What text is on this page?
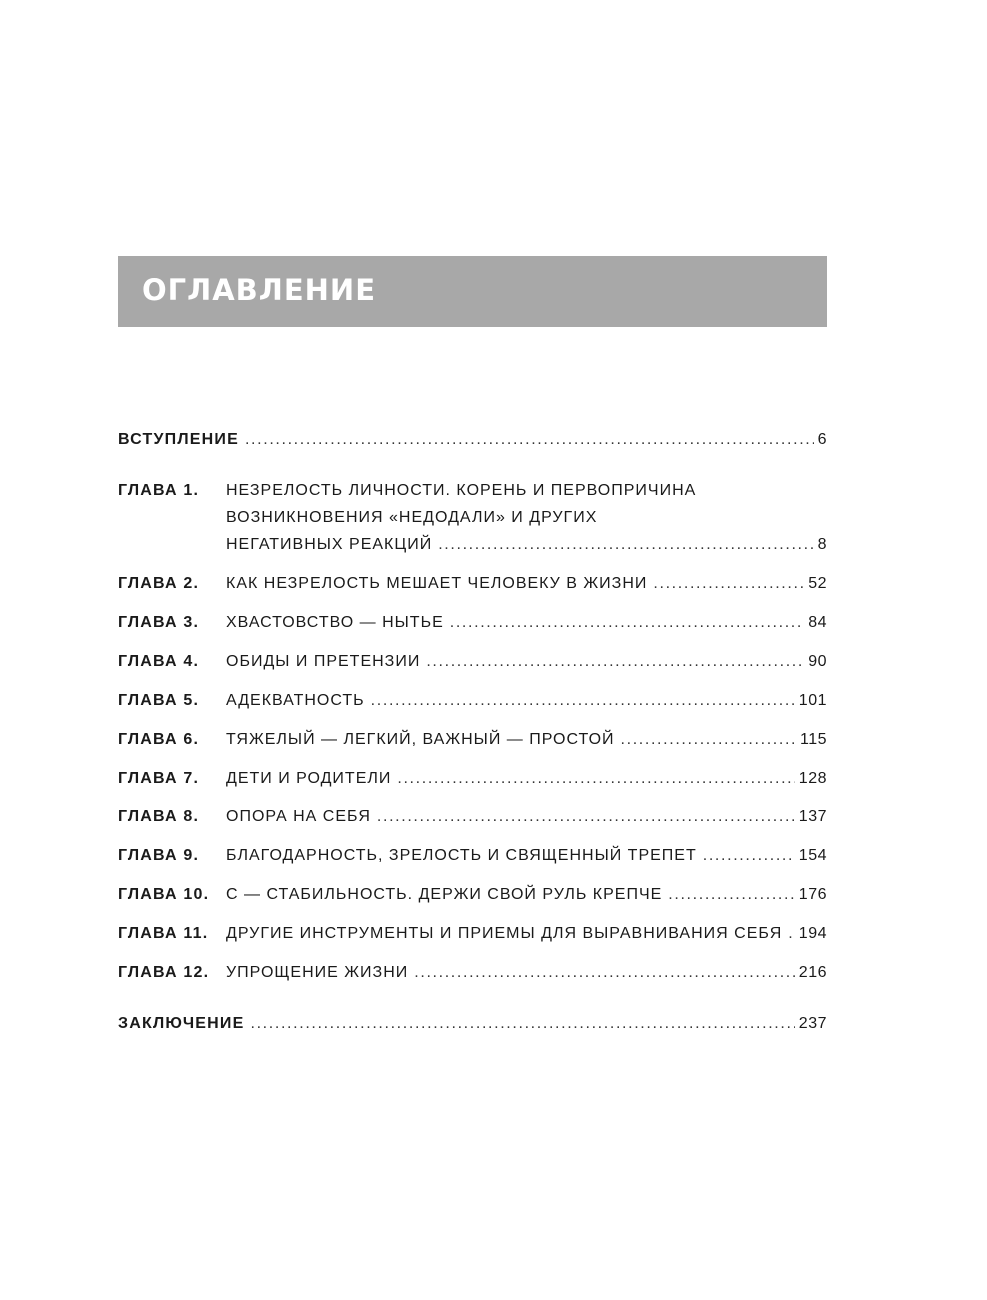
ОГЛАВЛЕНИЕ
ВСТУПЛЕНИЕ . . .	6
ГЛАВА 1.	НЕЗРЕЛОСТЬ ЛИЧНОСТИ. КОРЕНЬ И ПЕРВОПРИЧИНА
ВОЗНИКНОВЕНИЯ «НЕДОДАЛИ» И ДРУГИХ
НЕГАТИВНЫХ РЕАКЦИЙ . . .	8
ГЛАВА 2.	КАК НЕЗРЕЛОСТЬ МЕШАЕТ ЧЕЛОВЕКУ В ЖИЗНИ . . .	52
ГЛАВА 3.	ХВАСТОВСТВО — НЫТЬЕ . . .	84
ГЛАВА 4.	ОБИДЫ И ПРЕТЕНЗИИ . . .	90
ГЛАВА 5.	АДЕКВАТНОСТЬ . . .	101
ГЛАВА 6.	ТЯЖЕЛЫЙ — ЛЕГКИЙ, ВАЖНЫЙ — ПРОСТОЙ . . .	115
ГЛАВА 7.	ДЕТИ И РОДИТЕЛИ . . .	128
ГЛАВА 8.	ОПОРА НА СЕБЯ . . .	137
ГЛАВА 9.	БЛАГОДАРНОСТЬ, ЗРЕЛОСТЬ И СВЯЩЕННЫЙ ТРЕПЕТ . . .	154
ГЛАВА 10.	С — СТАБИЛЬНОСТЬ. ДЕРЖИ СВОЙ РУЛЬ КРЕПЧЕ . . .	176
ГЛАВА 11.	ДРУГИЕ ИНСТРУМЕНТЫ И ПРИЕМЫ ДЛЯ ВЫРАВНИВАНИЯ СЕБЯ . . . 194
ГЛАВА 12.	УПРОЩЕНИЕ ЖИЗНИ . . .	216
ЗАКЛЮЧЕНИЕ . . .	237
